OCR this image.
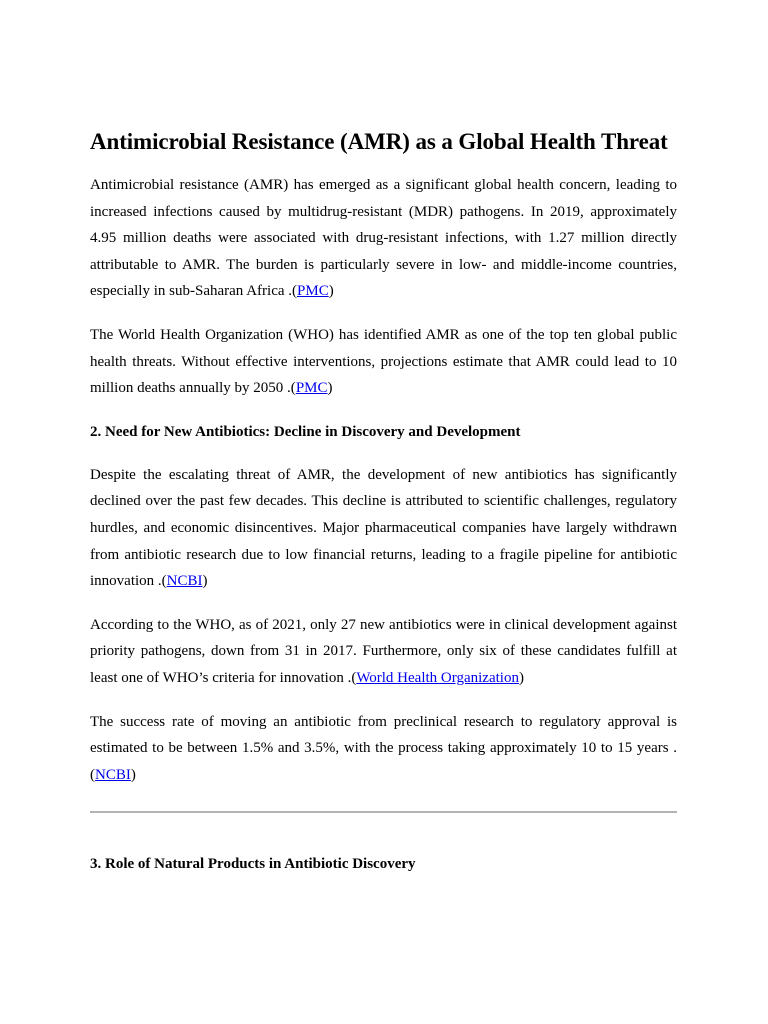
Antimicrobial Resistance (AMR) as a Global Health Threat

Antimicrobial resistance (AMR) has emerged as a significant global health concern, leading to increased infections caused by multidrug-resistant (MDR) pathogens. In 2019, approximately 4.95 million deaths were associated with drug-resistant infections, with 1.27 million directly attributable to AMR. The burden is particularly severe in low- and middle-income countries, especially in sub-Saharan Africa .(PMC)

The World Health Organization (WHO) has identified AMR as one of the top ten global public health threats. Without effective interventions, projections estimate that AMR could lead to 10 million deaths annually by 2050 .(PMC)

2. Need for New Antibiotics: Decline in Discovery and Development

Despite the escalating threat of AMR, the development of new antibiotics has significantly declined over the past few decades. This decline is attributed to scientific challenges, regulatory hurdles, and economic disincentives. Major pharmaceutical companies have largely withdrawn from antibiotic research due to low financial returns, leading to a fragile pipeline for antibiotic innovation .(NCBI)

According to the WHO, as of 2021, only 27 new antibiotics were in clinical development against priority pathogens, down from 31 in 2017. Furthermore, only six of these candidates fulfill at least one of WHO’s criteria for innovation .(World Health Organization)

The success rate of moving an antibiotic from preclinical research to regulatory approval is estimated to be between 1.5% and 3.5%, with the process taking approximately 10 to 15 years .(NCBI)

3. Role of Natural Products in Antibiotic Discovery
